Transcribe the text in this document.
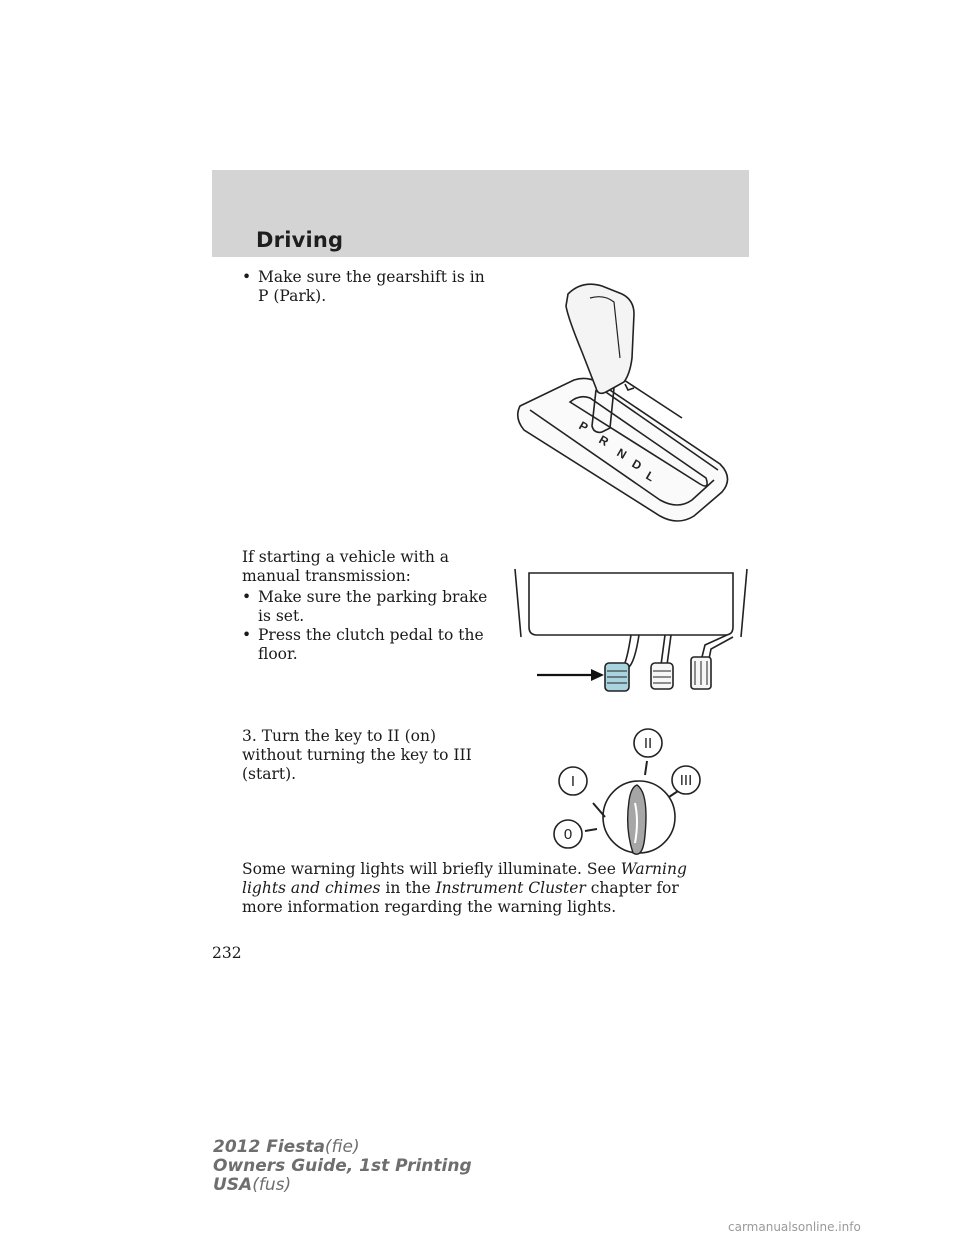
Driving
• Make sure the gearshift is in P (Park).
P
R
N
D
L
If starting a vehicle with a manual transmission:
• Make sure the parking brake is set.
• Press the clutch pedal to the floor.
3. Turn the key to II (on) without turning the key to III (start).	I
II
III
0
Some warning lights will briefly illuminate. See Warning lights and chimes in the Instrument Cluster chapter for more information regarding the warning lights.
232
2012 Fiesta(fie)
Owners Guide, 1st Printing
USA(fus)
carmanualsonline.info
